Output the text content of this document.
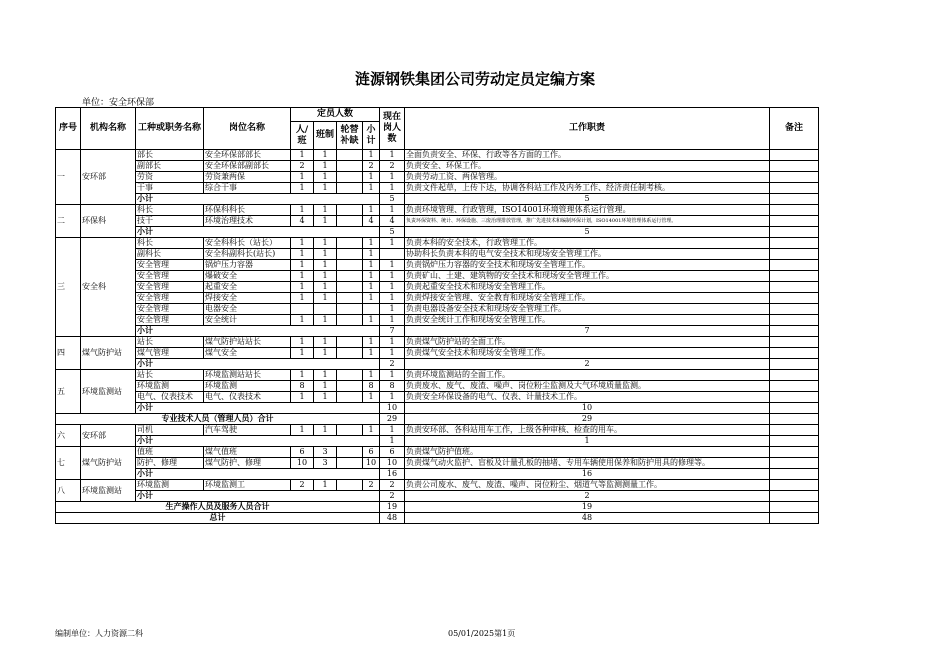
涟源钢铁集团公司劳动定员定编方案
单位：安全环保部
序号	机构名称	工种或职务名称	岗位名称	定员人数				现在岗人数	工作职责	备注	
				人/班	班制	轮替补缺	小计				
一	安环部	部长	安全环保部部长	1	1		1	1	全面负责安全、环保、行政等各方面的工作。		
		副部长	安全环保部副部长	2	1		2	2	负责安全、环保工作。		
		劳资	劳资兼两保	1	1		1	1	负责劳动工资、两保管理。		
		干事	综合干事	1	1		1	1	负责文件起草，上传下达，协调各科站工作及内务工作、经济责任制考核。		
		小计						5	5		
二	环保科	科长	环保科科长	1	1		1	1	负责环境管理、行政管理，ISO14001环境管理体系运行管理。		
		技干	环境治理技术	4	1		4	4	负责环保资料、统计、环保设施、三废治理排放管理，推广先进技术和编制环保计划，ISO14001环境管理体系运行管理。		
		小计						5	5		
三	安全科	科长	安全科科长（站长）	1	1		1	1	负责本科的安全技术，行政管理工作。		
		副科长	安全科副科长(站长)	1	1		1		协助科长负责本科的电气安全技术和现场安全管理工作。		
		安全管理	锅炉压力容器	1	1		1	1	负责锅炉压力容器的安全技术和现场安全管理工作。		
		安全管理	爆破安全	1	1		1	1	负责矿山、土建、建筑物的安全技术和现场安全管理工作。		
		安全管理	起重安全	1	1		1	1	负责起重安全技术和现场安全管理工作。		
		安全管理	焊接安全	1	1		1	1	负责焊接安全管理、安全教育和现场安全管理工作。		
		安全管理	电器安全					1	负责电器设备安全技术和现场安全管理工作。		
		安全管理	安全统计	1	1		1	1	负责安全统计工作和现场安全管理工作。		
		小计						7	7		
四	煤气防护站	站长	煤气防护站站长	1	1		1	1	负责煤气防护站的全面工作。		
		煤气管理	煤气安全	1	1		1	1	负责煤气安全技术和现场安全管理工作。		
		小计						2	2		
五	环境监测站	站长	环境监测站站长	1	1		1	1	负责环境监测站的全面工作。		
		环境监测	环境监测	8	1		8	8	负责废水、废气、废渣、噪声、岗位粉尘监测及大气环境质量监测。		
		电气、仪表技术	电气、仪表技术	1	1		1	1	负责安全环保设备的电气、仪表、计量技术工作。		
		小计						10	10		
专业技术人员（管理人员）合计								29	29		
六	安环部	司机	汽车驾驶	1	1		1	1	负责安环部、各科站用车工作，上级各种审核、检查的用车。		
		小计						1	1		
七	煤气防护站	值班	煤气值班	6	3		6	6	负责煤气防护值班。		
		防护、修理	煤气防护、修理	10	3		10	10	负责煤气动火监护、盲板及计量孔板的抽堵、专用车辆使用保养和防护用具的修理等。		
		小计						16	16		
八	环境监测站	环境监测	环境监测工	2	1		2	2	负责公司废水、废气、废渣、噪声、岗位粉尘、烟道气等监测测量工作。		
		小计						2	2		
生产操作人员及服务人员合计								19	19		
总计								48	48		
编制单位：人力资源二科	05/01/2025第1页
